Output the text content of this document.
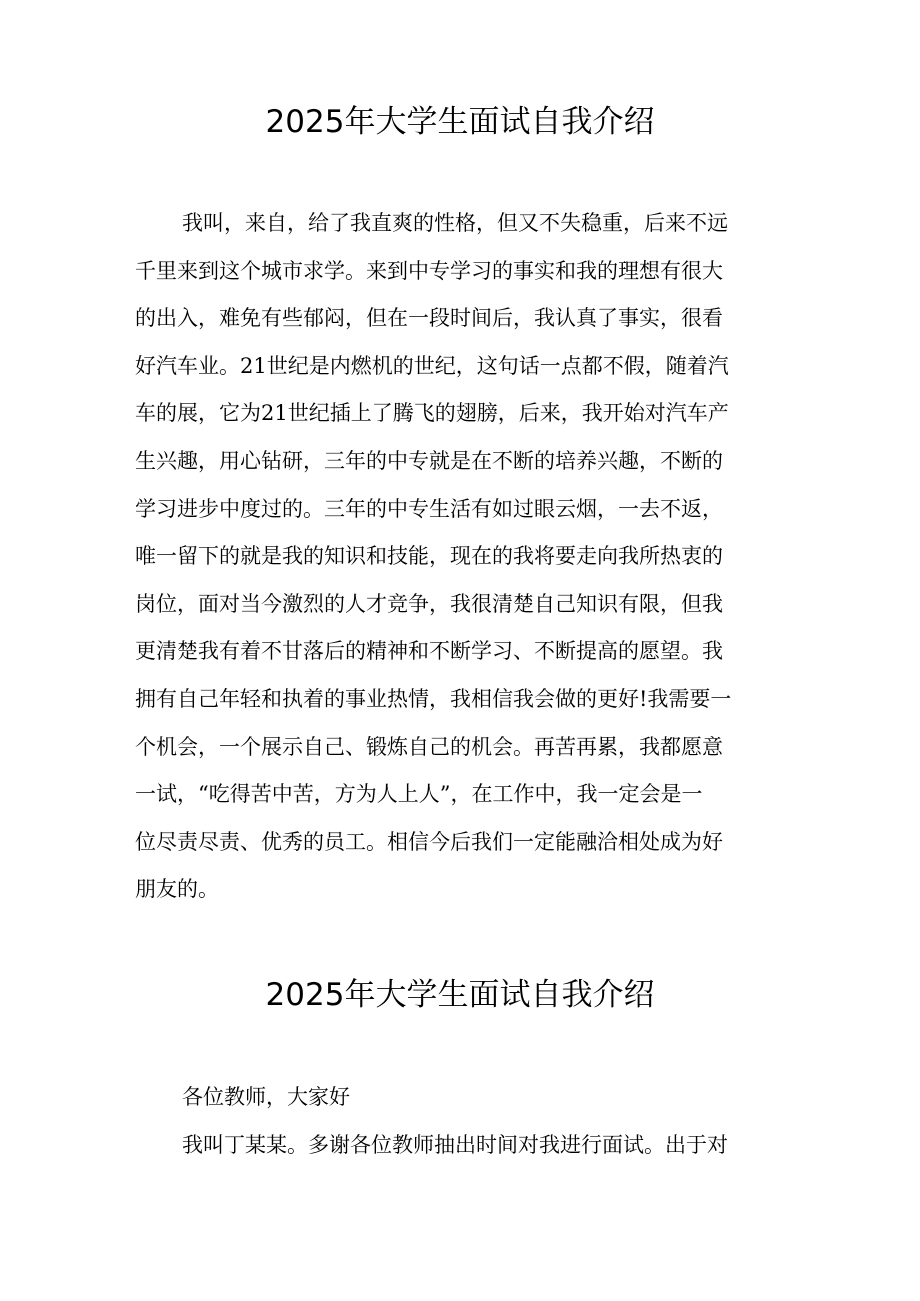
2025年大学生面试自我介绍
我叫，来自，给了我直爽的性格，但又不失稳重，后来不远
千里来到这个城市求学。来到中专学习的事实和我的理想有很大
的出入，难免有些郁闷，但在一段时间后，我认真了事实，很看
好汽车业。21世纪是内燃机的世纪，这句话一点都不假，随着汽
车的展，它为21世纪插上了腾飞的翅膀，后来，我开始对汽车产
生兴趣，用心钻研，三年的中专就是在不断的培养兴趣，不断的
学习进步中度过的。三年的中专生活有如过眼云烟，一去不返，
唯一留下的就是我的知识和技能，现在的我将要走向我所热衷的
岗位，面对当今激烈的人才竞争，我很清楚自己知识有限，但我
更清楚我有着不甘落后的精神和不断学习、不断提高的愿望。我
拥有自己年轻和执着的事业热情，我相信我会做的更好!我需要一
个机会，一个展示自己、锻炼自己的机会。再苦再累，我都愿意
一试，“吃得苦中苦，方为人上人”，在工作中，我一定会是一
位尽责尽责、优秀的员工。相信今后我们一定能融洽相处成为好
朋友的。
2025年大学生面试自我介绍

各位教师，大家好

我叫丁某某。多谢各位教师抽出时间对我进行面试。出于对
